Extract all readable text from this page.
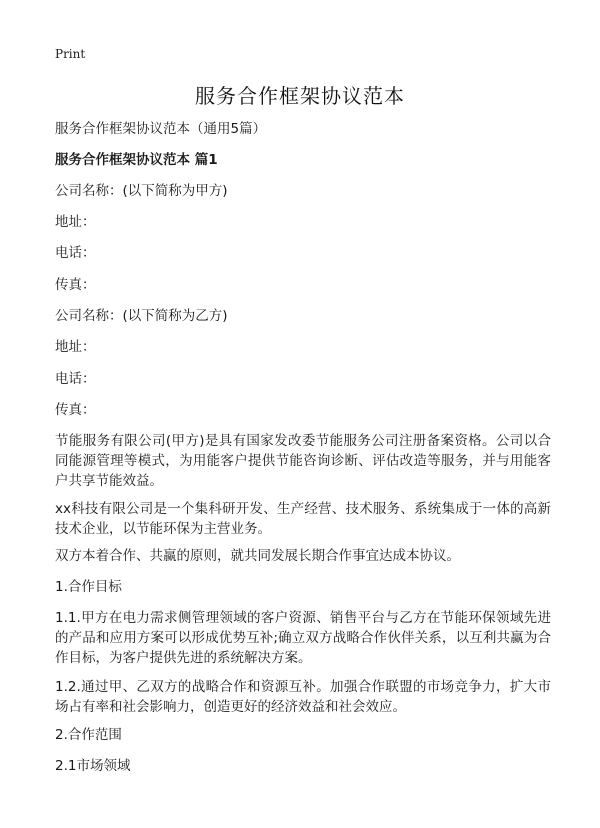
Print
服务合作框架协议范本
服务合作框架协议范本（通用5篇）
服务合作框架协议范本 篇1
公司名称：(以下简称为甲方)
地址：
电话：
传真：
公司名称：(以下简称为乙方)
地址：
电话：
传真：
节能服务有限公司(甲方)是具有国家发改委节能服务公司注册备案资格。公司以合同能源管理等模式，为用能客户提供节能咨询诊断、评估改造等服务，并与用能客户共享节能效益。
xx科技有限公司是一个集科研开发、生产经营、技术服务、系统集成于一体的高新技术企业，以节能环保为主营业务。
双方本着合作、共赢的原则，就共同发展长期合作事宜达成本协议。
1.合作目标
1.1.甲方在电力需求侧管理领域的客户资源、销售平台与乙方在节能环保领域先进的产品和应用方案可以形成优势互补;确立双方战略合作伙伴关系，以互利共赢为合作目标，为客户提供先进的系统解决方案。
1.2.通过甲、乙双方的战略合作和资源互补。加强合作联盟的市场竞争力，扩大市场占有率和社会影响力，创造更好的经济效益和社会效应。
2.合作范围
2.1市场领域
